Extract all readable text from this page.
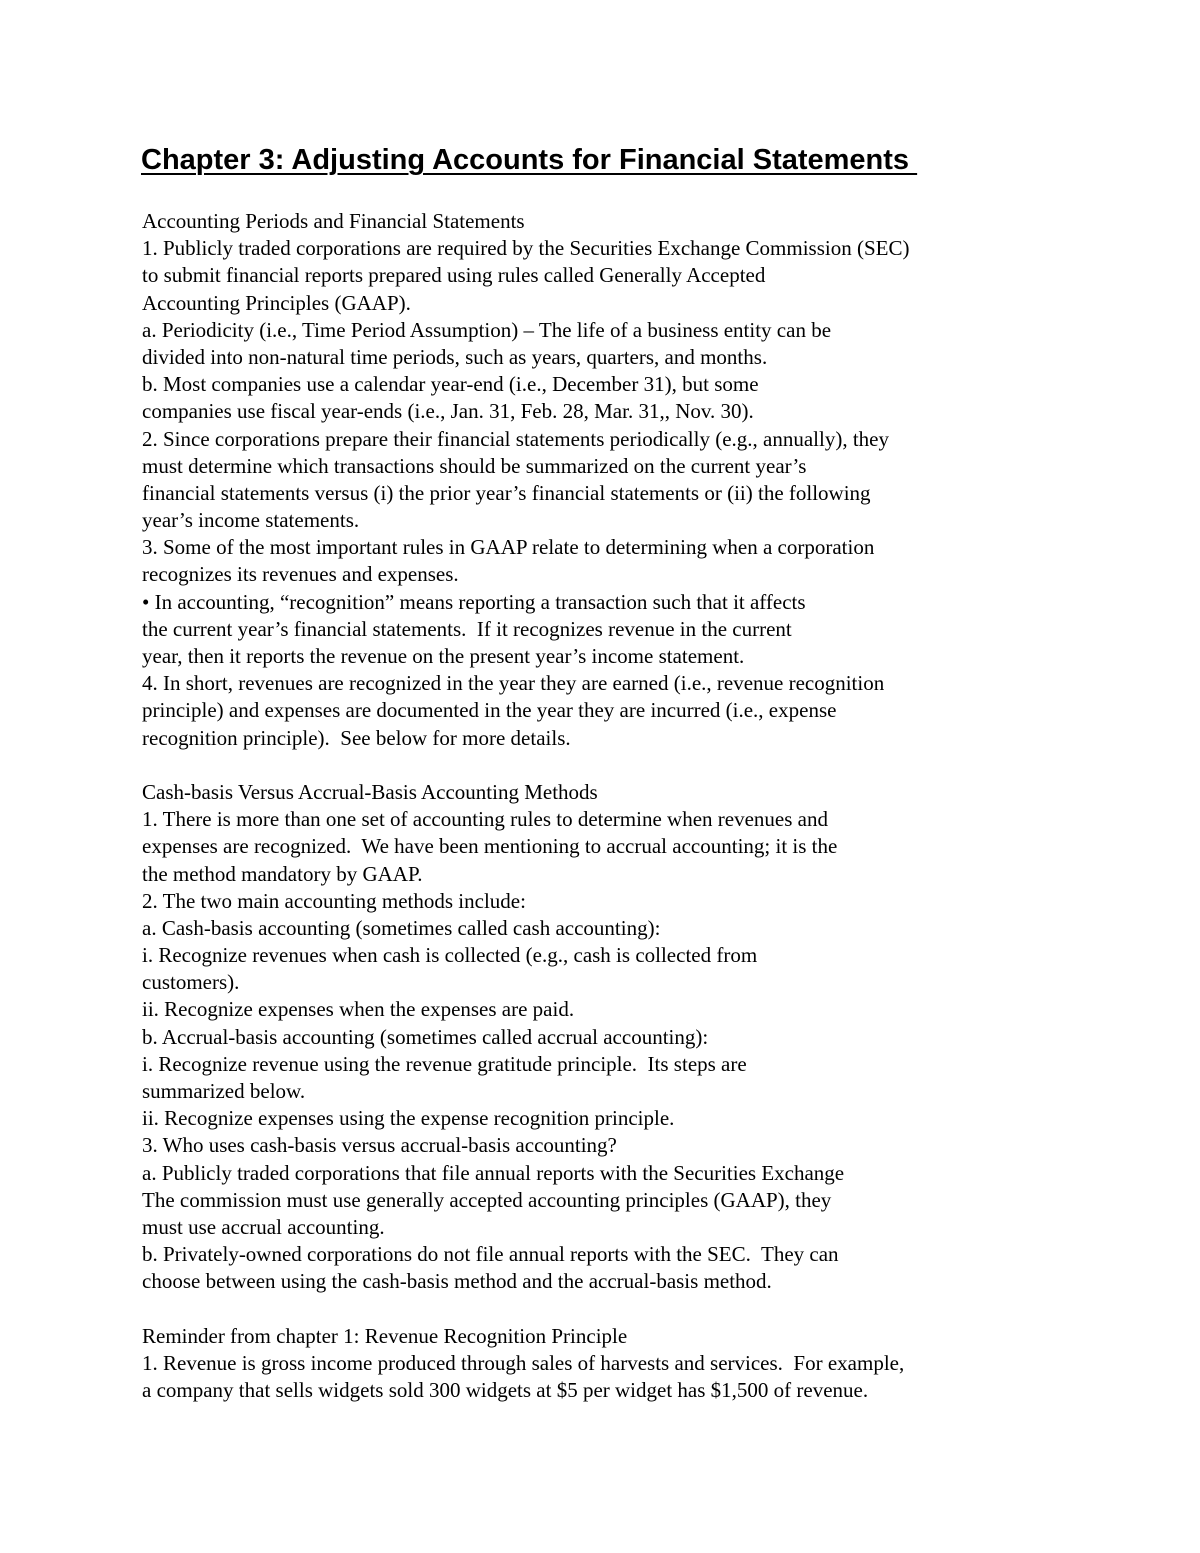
Chapter 3: Adjusting Accounts for Financial Statements
Accounting Periods and Financial Statements
1. Publicly traded corporations are required by the Securities Exchange Commission (SEC)
to submit financial reports prepared using rules called Generally Accepted
Accounting Principles (GAAP).
a. Periodicity (i.e., Time Period Assumption) – The life of a business entity can be
divided into non-natural time periods, such as years, quarters, and months.
b. Most companies use a calendar year-end (i.e., December 31), but some
companies use fiscal year-ends (i.e., Jan. 31, Feb. 28, Mar. 31,, Nov. 30).
2. Since corporations prepare their financial statements periodically (e.g., annually), they
must determine which transactions should be summarized on the current year’s
financial statements versus (i) the prior year’s financial statements or (ii) the following
year’s income statements.
3. Some of the most important rules in GAAP relate to determining when a corporation
recognizes its revenues and expenses.
• In accounting, “recognition” means reporting a transaction such that it affects
the current year’s financial statements.  If it recognizes revenue in the current
year, then it reports the revenue on the present year’s income statement.
4. In short, revenues are recognized in the year they are earned (i.e., revenue recognition
principle) and expenses are documented in the year they are incurred (i.e., expense
recognition principle).  See below for more details.
Cash-basis Versus Accrual-Basis Accounting Methods
1. There is more than one set of accounting rules to determine when revenues and
expenses are recognized.  We have been mentioning to accrual accounting; it is the
the method mandatory by GAAP.
2. The two main accounting methods include:
a. Cash-basis accounting (sometimes called cash accounting):
i. Recognize revenues when cash is collected (e.g., cash is collected from
customers).
ii. Recognize expenses when the expenses are paid.
b. Accrual-basis accounting (sometimes called accrual accounting):
i. Recognize revenue using the revenue gratitude principle.  Its steps are
summarized below.
ii. Recognize expenses using the expense recognition principle.
3. Who uses cash-basis versus accrual-basis accounting?
a. Publicly traded corporations that file annual reports with the Securities Exchange
The commission must use generally accepted accounting principles (GAAP), they
must use accrual accounting.
b. Privately-owned corporations do not file annual reports with the SEC.  They can
choose between using the cash-basis method and the accrual-basis method.
Reminder from chapter 1: Revenue Recognition Principle
1. Revenue is gross income produced through sales of harvests and services.  For example,
a company that sells widgets sold 300 widgets at $5 per widget has $1,500 of revenue.
